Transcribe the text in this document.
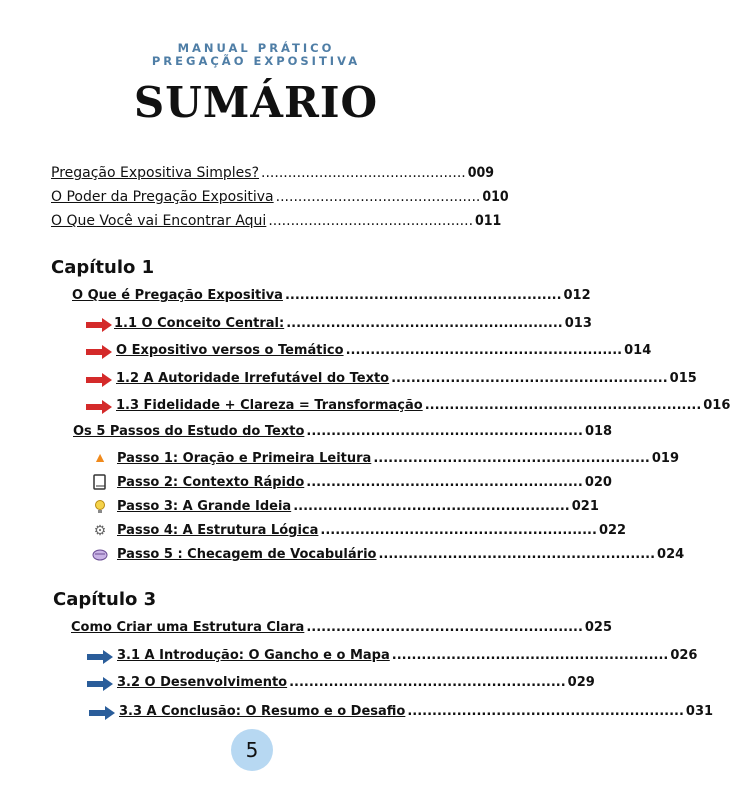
MANUAL PRÁTICO
PREGAÇÃO EXPOSITIVA
SUMÁRIO
Pregação Expositiva Simples? .............................................. 009
O Poder da Pregação Expositiva .............................................. 010
O Que Você vai Encontrar Aqui .............................................. 011
Capítulo 1
O Que é Pregação Expositiva ........................................................ 012
1.1 O Conceito Central: ........................................................ 013
O Expositivo versos o Temático ........................................................ 014
1.2 A Autoridade Irrefutável do Texto ........................................................ 015
1.3 Fidelidade + Clareza = Transformação ........................................................ 016
Os 5 Passos do Estudo do Texto ........................................................ 018
▲ Passo 1: Oração e Primeira Leitura ........................................................ 019
Passo 2: Contexto Rápido ........................................................ 020
Passo 3: A Grande Ideia ........................................................ 021
⚙ Passo 4: A Estrutura Lógica ........................................................ 022
Passo 5 : Checagem de Vocabulário ........................................................ 024
Capítulo 3
Como Criar uma Estrutura Clara ........................................................ 025
3.1 A Introdução: O Gancho e o Mapa ........................................................ 026
3.2 O Desenvolvimento ........................................................ 029
3.3 A Conclusão: O Resumo e o Desafio ........................................................ 031
5
